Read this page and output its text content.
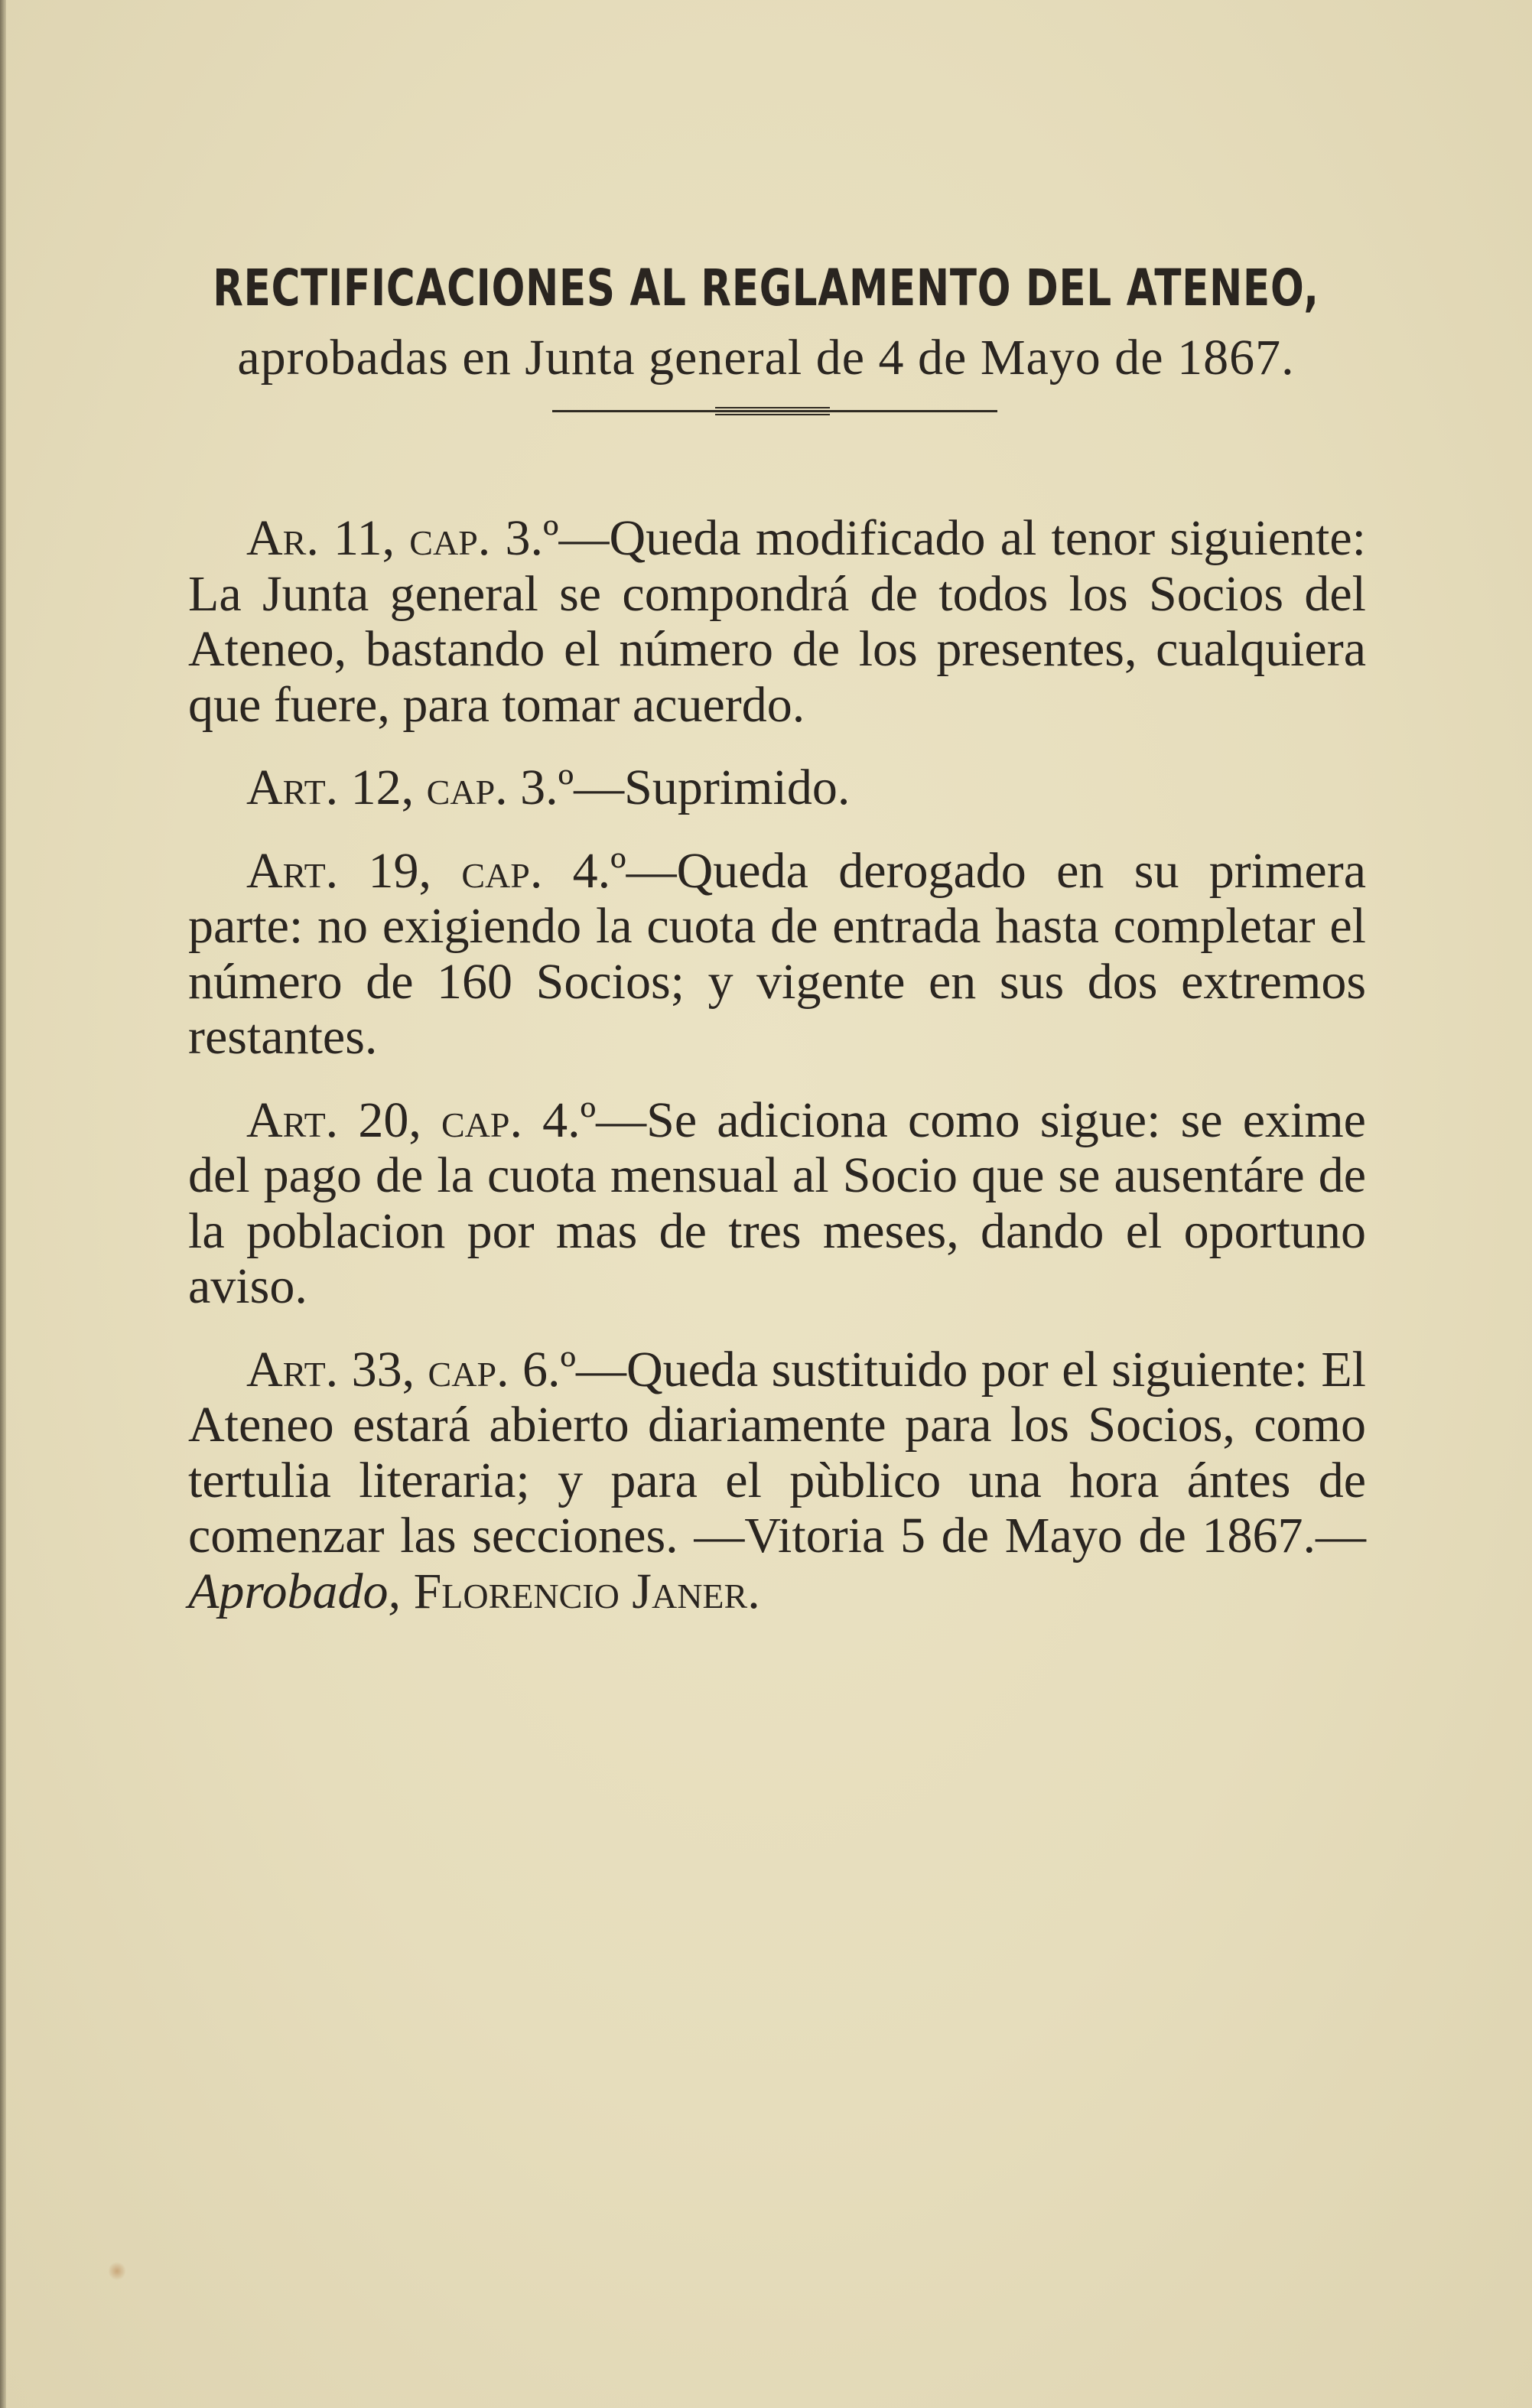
RECTIFICACIONES AL REGLAMENTO DEL ATENEO,
aprobadas en Junta general de 4 de Mayo de 1867.

Ar. 11, cap. 3.º—Queda modificado al tenor siguiente: La Junta general se compondrá de todos los Socios del Ateneo, bastando el número de los presentes, cualquiera que fuere, para tomar acuerdo.

Art. 12, cap. 3.º—Suprimido.

Art. 19, cap. 4.º—Queda derogado en su primera parte: no exigiendo la cuota de entrada hasta completar el número de 160 Socios; y vigente en sus dos extremos restantes.

Art. 20, cap. 4.º—Se adiciona como sigue: se exime del pago de la cuota mensual al Socio que se ausentáre de la poblacion por mas de tres meses, dando el oportuno aviso.

Art. 33, cap. 6.º—Queda sustituido por el siguiente: El Ateneo estará abierto diariamente para los Socios, como tertulia literaria; y para el pùblico una hora ántes de comenzar las secciones. —Vitoria 5 de Mayo de 1867.—Aprobado, Florencio Janer.
